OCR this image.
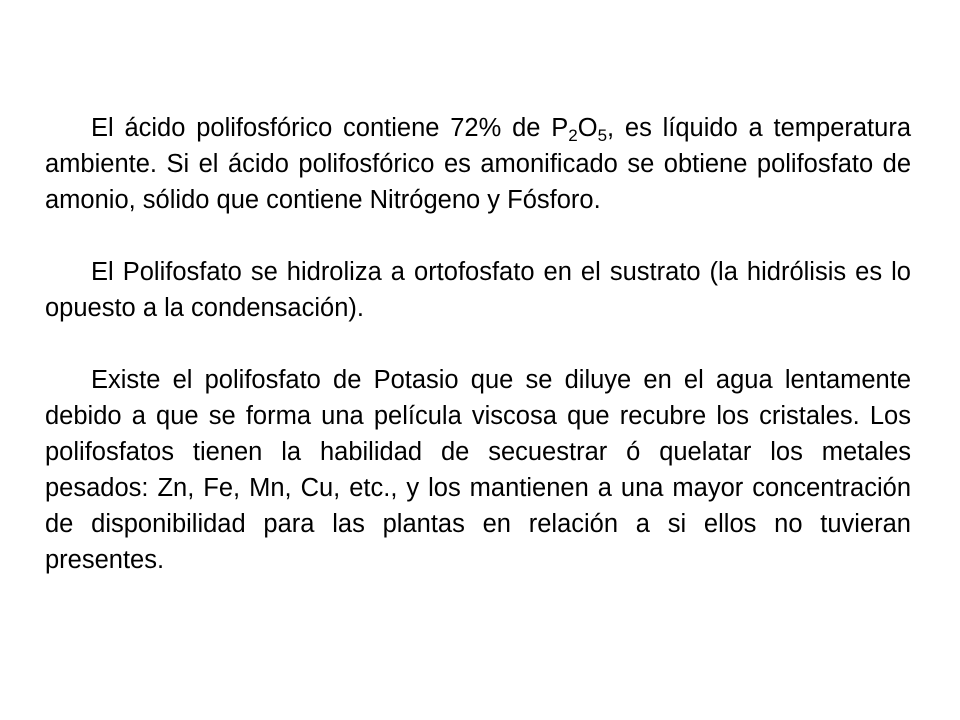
El ácido polifosfórico contiene 72% de $P_2O_5$, es líquido a temperatura ambiente. Si el ácido polifosfórico es amonificado se obtiene polifosfato de amonio, sólido que contiene Nitrógeno y Fósforo.

El Polifosfato se hidroliza a ortofosfato en el sustrato (la hidrólisis es lo opuesto a la condensación).

Existe el polifosfato de Potasio que se diluye en el agua lentamente debido a que se forma una película viscosa que recubre los cristales. Los polifosfatos tienen la habilidad de secuestrar ó quelatar los metales pesados: Zn, Fe, Mn, Cu, etc., y los mantienen a una mayor concentración de disponibilidad para las plantas en relación a si ellos no tuvieran presentes.
